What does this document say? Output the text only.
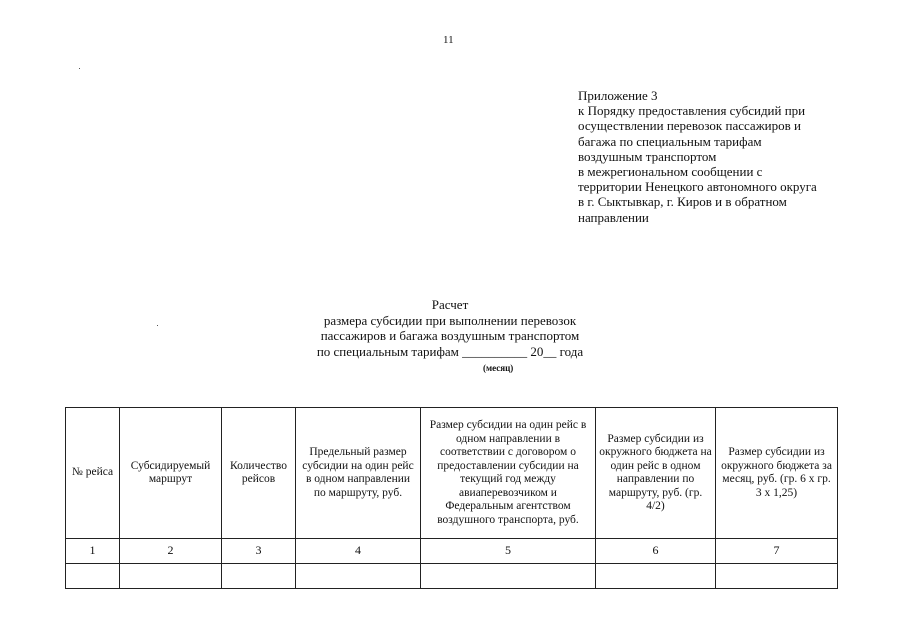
11
Приложение 3
к Порядку предоставления субсидий при
осуществлении перевозок пассажиров и
багажа по специальным тарифам
воздушным транспортом
в межрегиональном сообщении с
территории Ненецкого автономного округа
в г. Сыктывкар, г. Киров и в обратном
направлении
Расчет
размера субсидии при выполнении перевозок
пассажиров и багажа воздушным транспортом
по специальным тарифам __________ 20__ года
(месяц)
№ рейса	Субсидируемый маршрут	Количество рейсов	Предельный размер субсидии на один рейс в одном направлении по маршруту, руб.	Размер субсидии на один рейс в одном направлении в соответствии с договором о предоставлении субсидии на текущий год между авиаперевозчиком и Федеральным агентством воздушного транспорта, руб.	Размер субсидии из окружного бюджета на один рейс в одном направлении по маршруту, руб. (гр. 4/2)	Размер субсидии из окружного бюджета за месяц, руб. (гр. 6 x гр. 3 x 1,25)
1	2	3	4	5	6	7
